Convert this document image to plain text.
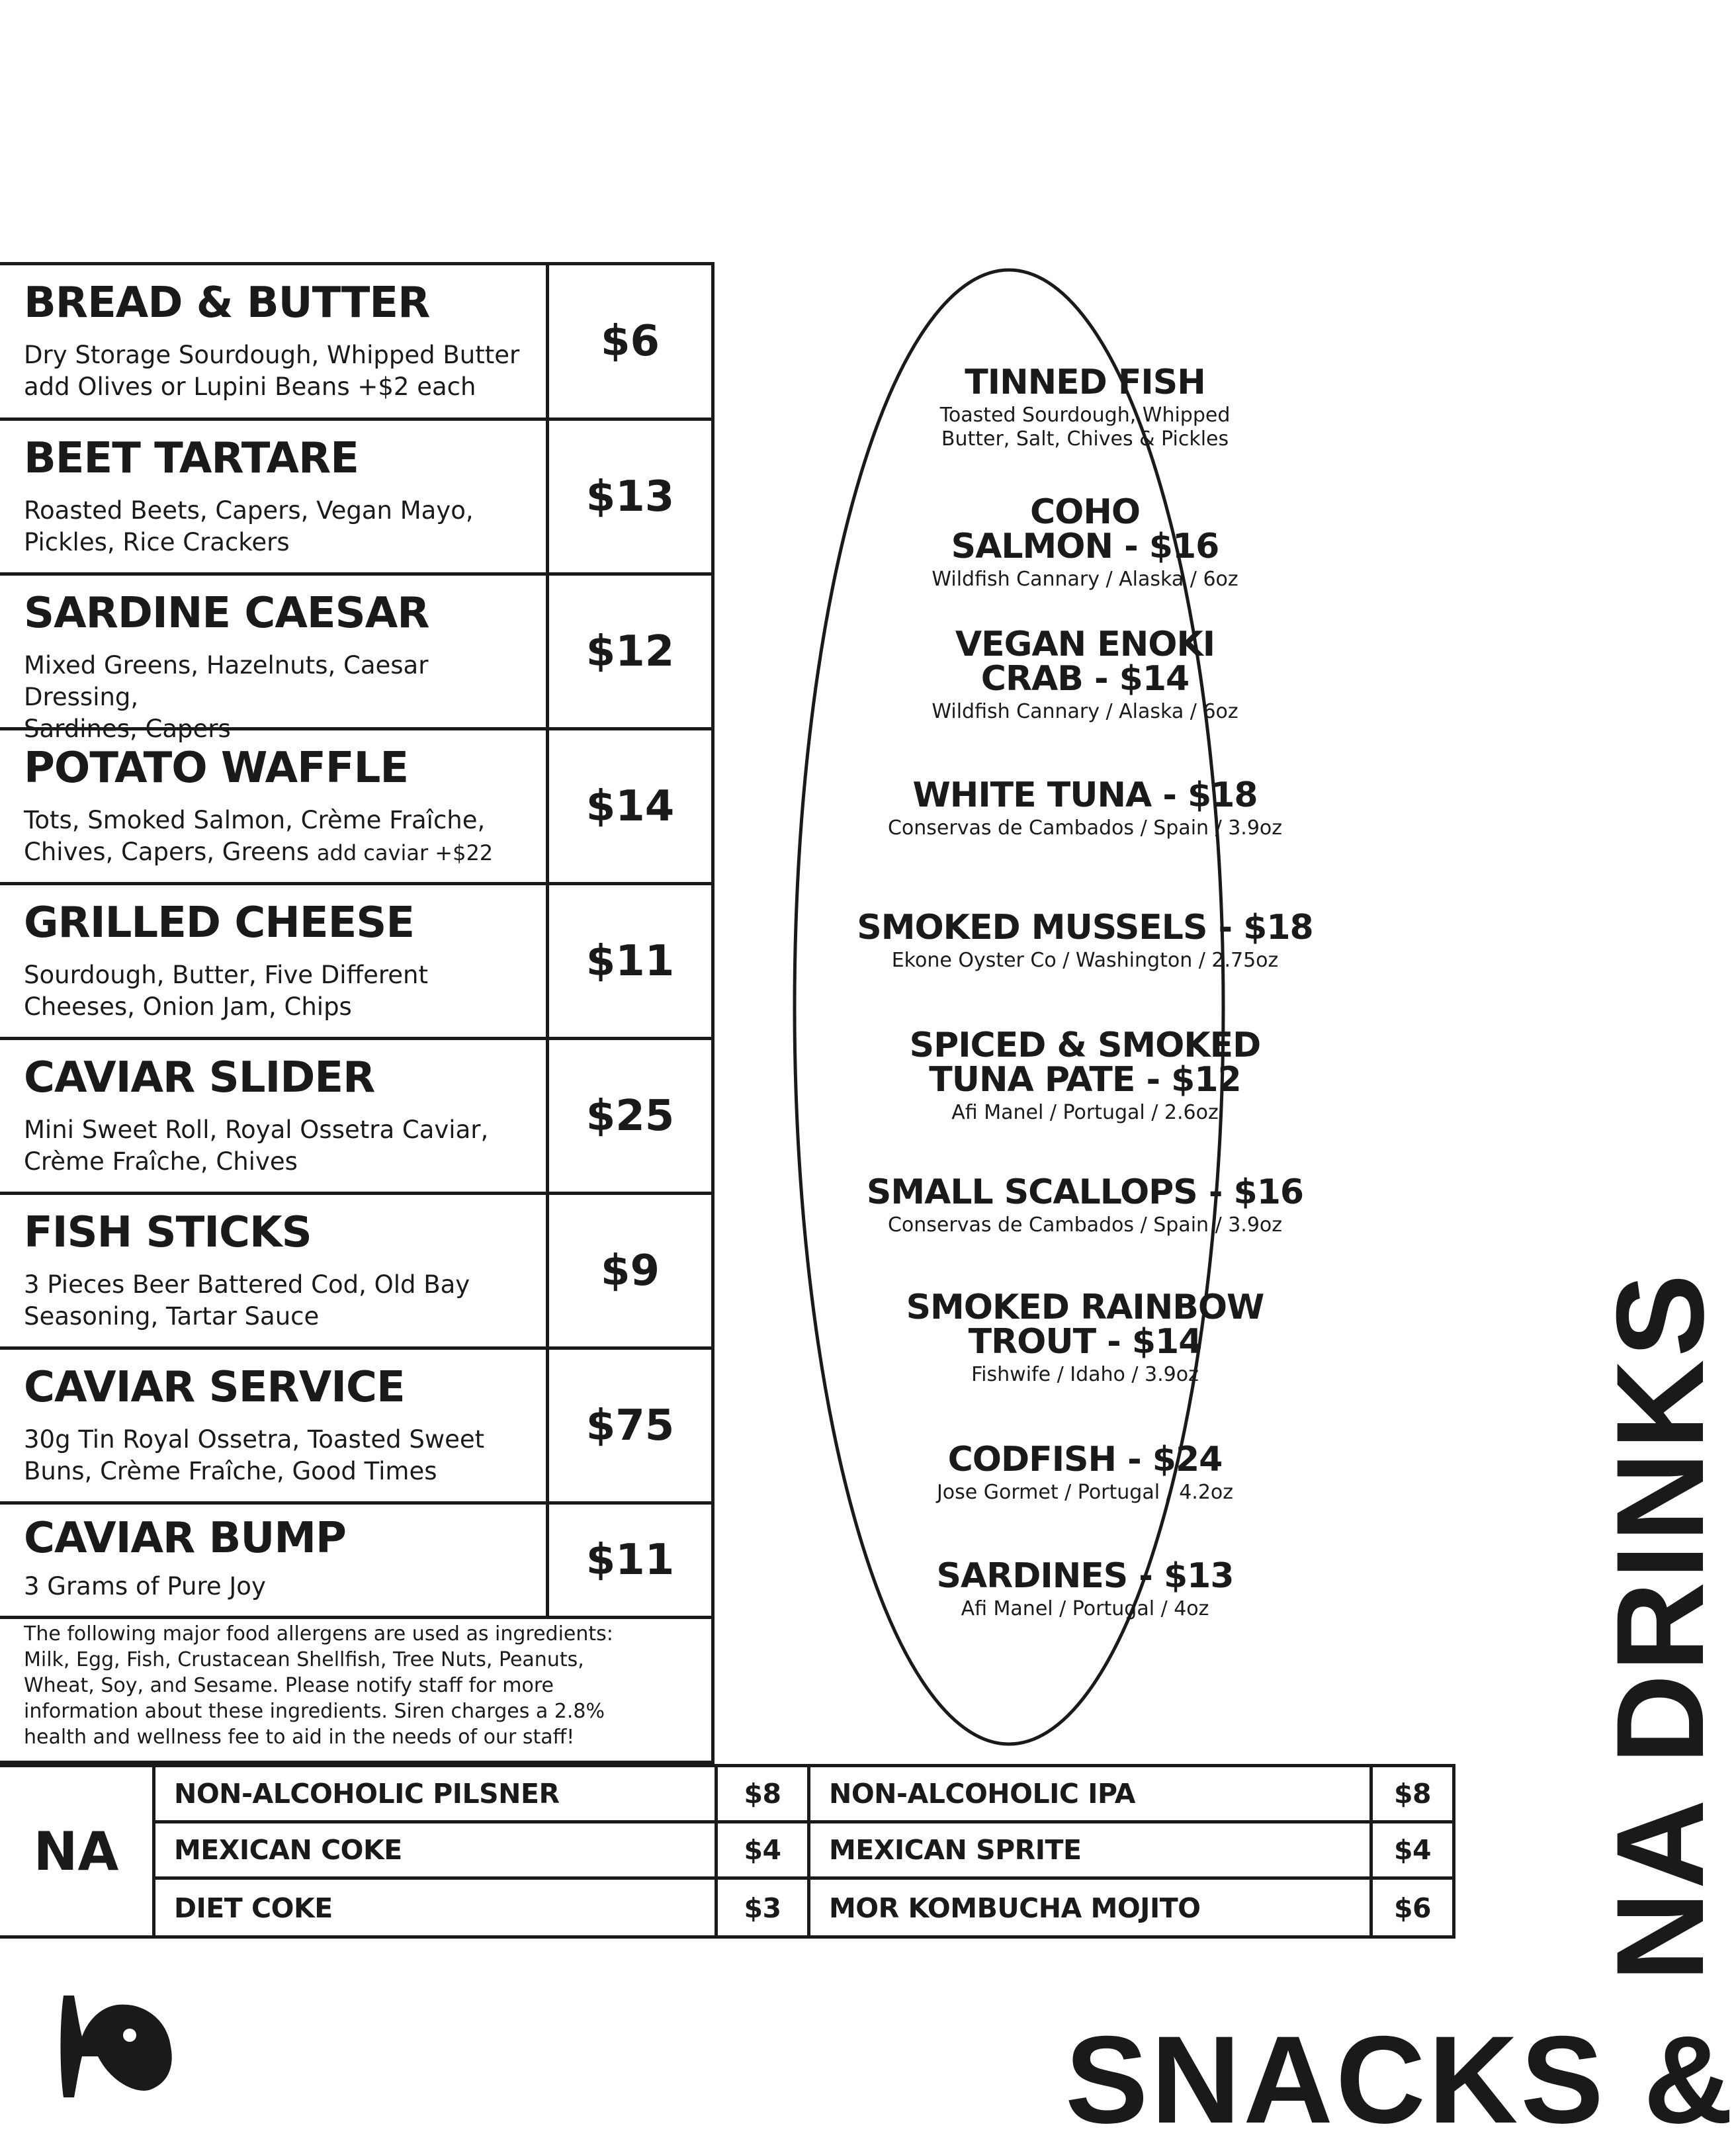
BREAD & BUTTER
Dry Storage Sourdough, Whipped Butter
add Olives or Lupini Beans +$2 each
$6
BEET TARTARE
Roasted Beets, Capers, Vegan Mayo,
Pickles, Rice Crackers
$13
SARDINE CAESAR
Mixed Greens, Hazelnuts, Caesar Dressing,
Sardines, Capers
$12
POTATO WAFFLE
Tots, Smoked Salmon, Crème Fraîche,
Chives, Capers, Greens add caviar +$22
$14
GRILLED CHEESE
Sourdough, Butter, Five Different
Cheeses, Onion Jam, Chips
$11
CAVIAR SLIDER
Mini Sweet Roll, Royal Ossetra Caviar,
Crème Fraîche, Chives
$25
FISH STICKS
3 Pieces Beer Battered Cod, Old Bay
Seasoning, Tartar Sauce
$9
CAVIAR SERVICE
30g Tin Royal Ossetra, Toasted Sweet
Buns, Crème Fraîche, Good Times
$75
CAVIAR BUMP
3 Grams of Pure Joy
$11
The following major food allergens are used as ingredients:
Milk, Egg, Fish, Crustacean Shellfish, Tree Nuts, Peanuts,
Wheat, Soy, and Sesame. Please notify staff for more
information about these ingredients. Siren charges a 2.8%
health and wellness fee to aid in the needs of our staff!
TINNED FISH
Toasted Sourdough, Whipped
Butter, Salt, Chives & Pickles
COHO
SALMON - $16
Wildfish Cannary / Alaska / 6oz
VEGAN ENOKI
CRAB - $14
Wildfish Cannary / Alaska / 6oz
WHITE TUNA - $18
Conservas de Cambados / Spain / 3.9oz
SMOKED MUSSELS - $18
Ekone Oyster Co / Washington / 2.75oz
SPICED & SMOKED
TUNA PATE - $12
Afi Manel / Portugal / 2.6oz
SMALL SCALLOPS - $16
Conservas de Cambados / Spain / 3.9oz
SMOKED RAINBOW
TROUT - $14
Fishwife / Idaho / 3.9oz
CODFISH - $24
Jose Gormet / Portugal / 4.2oz
SARDINES - $13
Afi Manel / Portugal / 4oz
NA
NON-ALCOHOLIC PILSNER	$8	NON-ALCOHOLIC IPA	$8
MEXICAN COKE	$4	MEXICAN SPRITE	$4
DIET COKE	$3	MOR KOMBUCHA MOJITO	$6
SNACKS &
NA DRINKS
